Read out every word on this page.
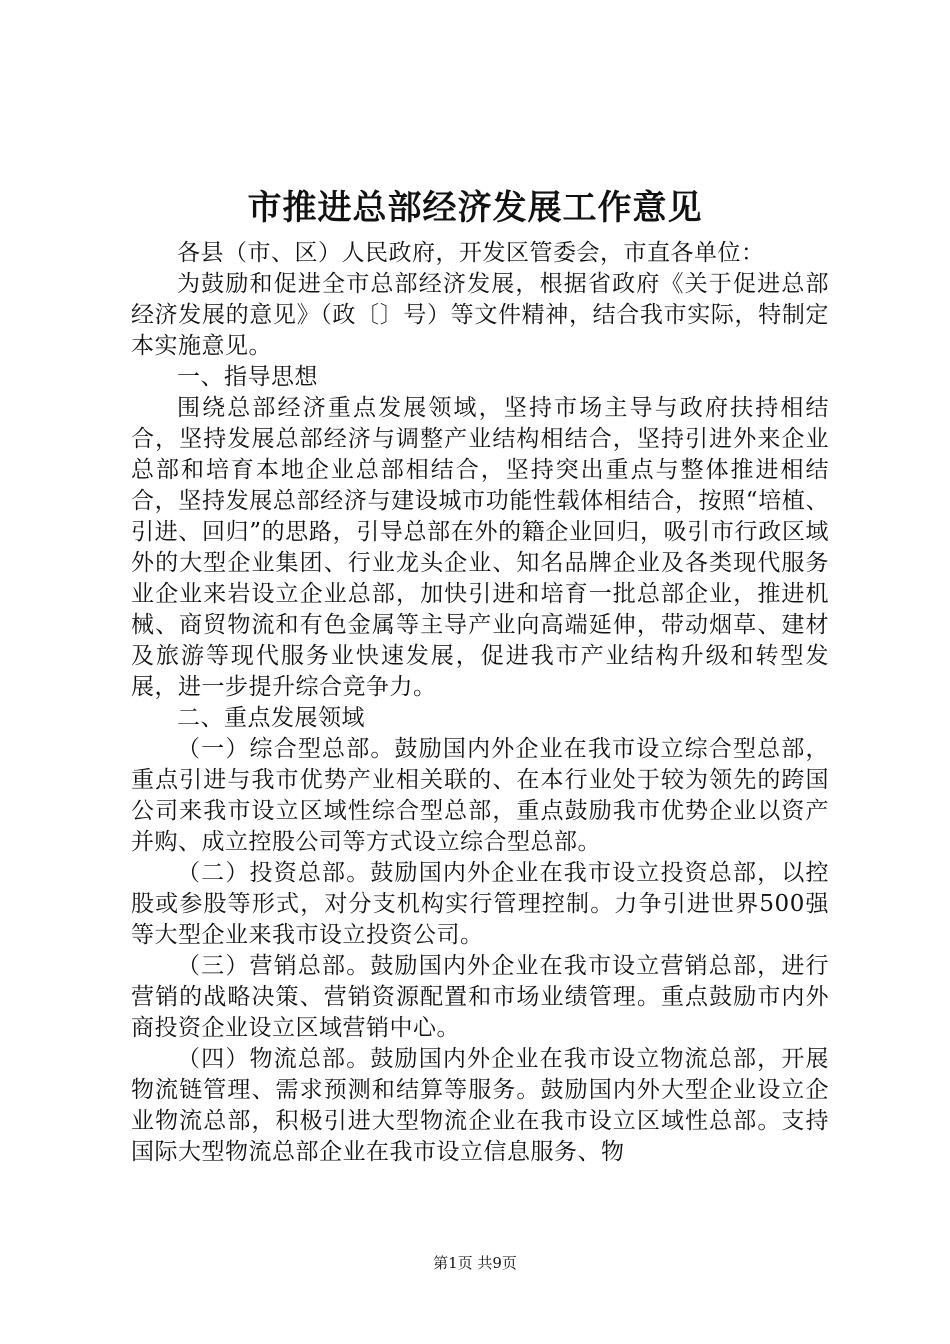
市推进总部经济发展工作意见

各县（市、区）人民政府，开发区管委会，市直各单位：

为鼓励和促进全市总部经济发展，根据省政府《关于促进总部经济发展的意见》（政〔〕号）等文件精神，结合我市实际，特制定本实施意见。

一、指导思想

围绕总部经济重点发展领域，坚持市场主导与政府扶持相结合，坚持发展总部经济与调整产业结构相结合，坚持引进外来企业总部和培育本地企业总部相结合，坚持突出重点与整体推进相结合，坚持发展总部经济与建设城市功能性载体相结合，按照“培植、引进、回归”的思路，引导总部在外的籍企业回归，吸引市行政区域外的大型企业集团、行业龙头企业、知名品牌企业及各类现代服务业企业来岩设立企业总部，加快引进和培育一批总部企业，推进机械、商贸物流和有色金属等主导产业向高端延伸，带动烟草、建材及旅游等现代服务业快速发展，促进我市产业结构升级和转型发展，进一步提升综合竞争力。

二、重点发展领域

（一）综合型总部。鼓励国内外企业在我市设立综合型总部，重点引进与我市优势产业相关联的、在本行业处于较为领先的跨国公司来我市设立区域性综合型总部，重点鼓励我市优势企业以资产并购、成立控股公司等方式设立综合型总部。

（二）投资总部。鼓励国内外企业在我市设立投资总部，以控股或参股等形式，对分支机构实行管理控制。力争引进世界500强等大型企业来我市设立投资公司。

（三）营销总部。鼓励国内外企业在我市设立营销总部，进行营销的战略决策、营销资源配置和市场业绩管理。重点鼓励市内外商投资企业设立区域营销中心。

（四）物流总部。鼓励国内外企业在我市设立物流总部，开展物流链管理、需求预测和结算等服务。鼓励国内外大型企业设立企业物流总部，积极引进大型物流企业在我市设立区域性总部。支持国际大型物流总部企业在我市设立信息服务、物

第1页 共9页
